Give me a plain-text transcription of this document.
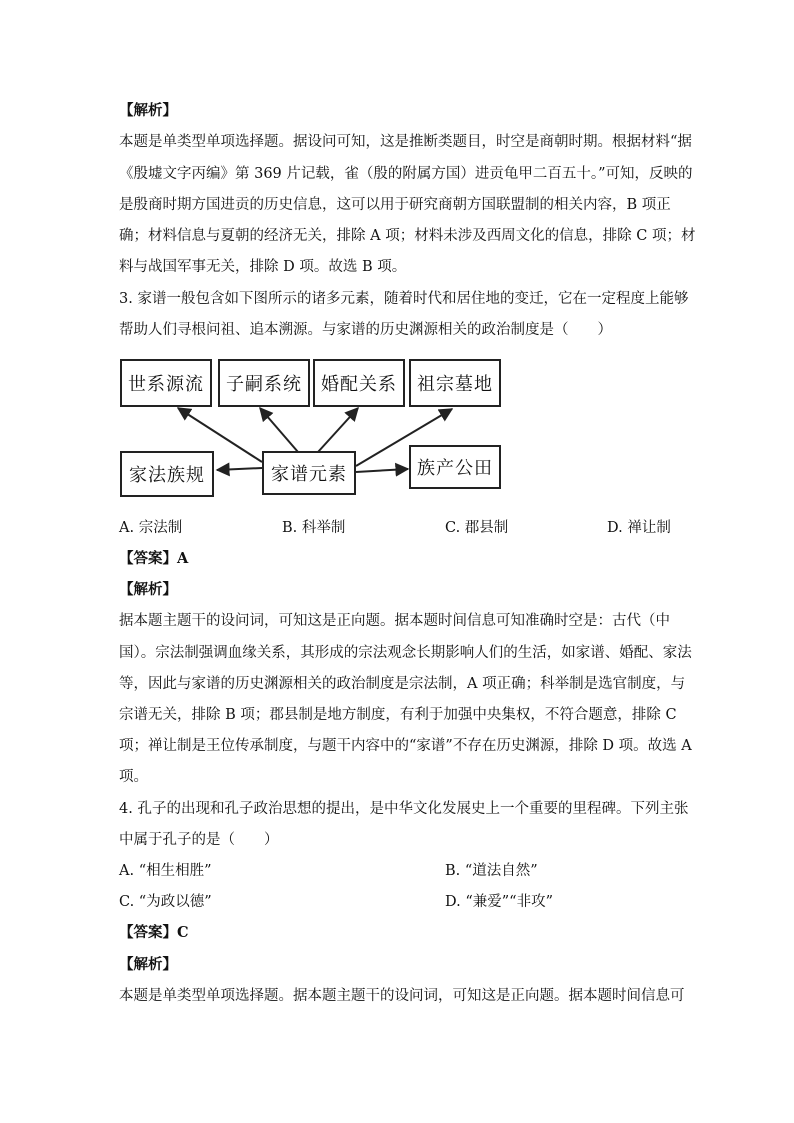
【解析】
本题是单类型单项选择题。据设问可知，这是推断类题目，时空是商朝时期。根据材料“据
《殷墟文字丙编》第 369 片记载，雀（殷的附属方国）进贡龟甲二百五十。”可知，反映的
是殷商时期方国进贡的历史信息，这可以用于研究商朝方国联盟制的相关内容，B 项正
确；材料信息与夏朝的经济无关，排除 A 项；材料未涉及西周文化的信息，排除 C 项；材
料与战国军事无关，排除 D 项。故选 B 项。
3. 家谱一般包含如下图所示的诸多元素，随着时代和居住地的变迁，它在一定程度上能够
帮助人们寻根问祖、追本溯源。与家谱的历史渊源相关的政治制度是（　　）
世系源流	子嗣系统	婚配关系	祖宗墓地
家法族规	家谱元素	族产公田
A. 宗法制	B. 科举制	C. 郡县制	D. 禅让制
【答案】A
【解析】
据本题主题干的设问词，可知这是正向题。据本题时间信息可知准确时空是：古代（中
国）。宗法制强调血缘关系，其形成的宗法观念长期影响人们的生活，如家谱、婚配、家法
等，因此与家谱的历史渊源相关的政治制度是宗法制，A 项正确；科举制是选官制度，与
宗谱无关，排除 B 项；郡县制是地方制度，有利于加强中央集权，不符合题意，排除 C
项；禅让制是王位传承制度，与题干内容中的“家谱”不存在历史渊源，排除 D 项。故选 A
项。
4. 孔子的出现和孔子政治思想的提出，是中华文化发展史上一个重要的里程碑。下列主张
中属于孔子的是（　　）
A. “相生相胜”	B. “道法自然”
C. “为政以德”	D. “兼爱”“非攻”
【答案】C
【解析】
本题是单类型单项选择题。据本题主题干的设问词，可知这是正向题。据本题时间信息可
